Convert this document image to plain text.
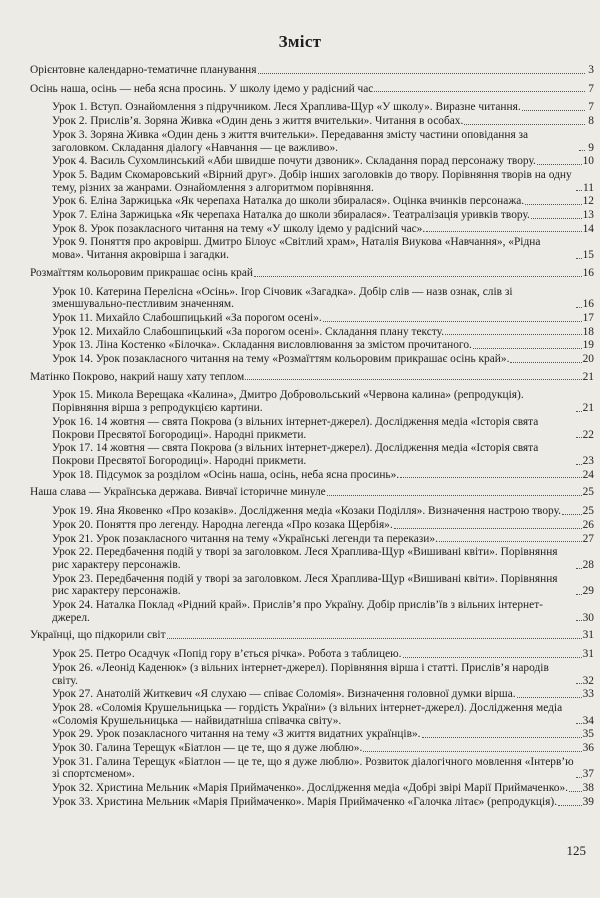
Зміст
Орієнтовне календарно-тематичне планування	3
Осінь наша, осінь — неба ясна просинь. У школу ідемо у радісний час	7
Урок 1. Вступ. Ознайомлення з підручником. Леся Храплива-Щур «У школу». Виразне читання.	7
Урок 2. Прислів’я. Зоряна Живка «Один день з життя вчительки». Читання в особах.	8
Урок 3. Зоряна Живка «Один день з життя вчительки». Передавання змісту частини оповідання за заголовком. Складання діалогу «Навчання — це важливо».	9
Урок 4. Василь Сухомлинський «Аби швидше почути дзвоник». Складання порад персонажу твору.	10
Урок 5. Вадим Скомаровський «Вірний друг». Добір інших заголовків до твору. Порівняння творів на одну тему, різних за жанрами. Ознайомлення з алгоритмом порівняння.	11
Урок 6. Еліна Заржицька «Як черепаха Наталка до школи збиралася». Оцінка вчинків персонажа.	12
Урок 7. Еліна Заржицька «Як черепаха Наталка до школи збиралася». Театралізація уривків твору.	13
Урок 8. Урок позакласного читання на тему «У школу ідемо у радісний час».	14
Урок 9. Поняття про акровірш. Дмитро Білоус «Світлий храм», Наталія Виукова «Навчання», «Рідна мова». Читання акровірша і загадки.	15
Розмаїттям кольоровим прикрашає осінь край	16
Урок 10. Катерина Перелісна «Осінь». Ігор Січовик «Загадка». Добір слів — назв ознак, слів зі зменшувально-пестливим значенням.	16
Урок 11. Михайло Слабошпицький «За порогом осені».	17
Урок 12. Михайло Слабошпицький «За порогом осені». Складання плану тексту.	18
Урок 13. Ліна Костенко «Білочка». Складання висловлювання за змістом прочитаного.	19
Урок 14. Урок позакласного читання на тему «Розмаїттям кольоровим прикрашає осінь край».	20
Матінко Покрово, накрий нашу хату теплом	21
Урок 15. Микола Верещака «Калина», Дмитро Добровольський «Червона калина» (репродукція). Порівняння вірша з репродукцією картини.	21
Урок 16. 14 жовтня — свята Покрова (з вільних інтернет-джерел). Дослідження медіа «Історія свята Покрови Пресвятої Богородиці». Народні прикмети.	22
Урок 17. 14 жовтня — свята Покрова (з вільних інтернет-джерел). Дослідження медіа «Історія свята Покрови Пресвятої Богородиці». Народні прикмети.	23
Урок 18. Підсумок за розділом «Осінь наша, осінь, неба ясна просинь».	24
Наша слава — Українська держава. Вивчаї історичне минуле	25
Урок 19. Яна Яковенко «Про козаків». Дослідження медіа «Козаки Поділля». Визначення настрою твору. 25
Урок 20. Поняття про легенду. Народна легенда «Про козака Щербія».	26
Урок 21. Урок позакласного читання на тему «Українські легенди та перекази».	27
Урок 22. Передбачення подій у творі за заголовком. Леся Храплива-Щур «Вишивані квіти». Порівняння рис характеру персонажів.	28
Урок 23. Передбачення подій у творі за заголовком. Леся Храплива-Щур «Вишивані квіти». Порівняння рис характеру персонажів.	29
Урок 24. Наталка Поклад «Рідний край». Прислів’я про Україну. Добір прислів’їв з вільних інтернет-джерел.	30
Українці, що підкорили світ	31
Урок 25. Петро Осадчук «Попід гору в’ється річка». Робота з таблицею.	31
Урок 26. «Леонід Каденюк» (з вільних інтернет-джерел). Порівняння вірша і статті. Прислів’я народів світу.	32
Урок 27. Анатолій Житкевич «Я слухаю — співає Соломія». Визначення головної думки вірша.	33
Урок 28. «Соломія Крушельницька — гордість України» (з вільних інтернет-джерел). Дослідження медіа «Соломія Крушельницька — найвидатніша співачка світу».	34
Урок 29. Урок позакласного читання на тему «З життя видатних українців».	35
Урок 30. Галина Терещук «Біатлон — це те, що я дуже люблю».	36
Урок 31. Галина Терещук «Біатлон — це те, що я дуже люблю». Розвиток діалогічного мовлення «Інтерв’ю зі спортсменом».	37
Урок 32. Христина Мельник «Марія Приймаченко». Дослідження медіа «Добрі звірі Марії Приймаченко». 38
Урок 33. Христина Мельник «Марія Приймаченко». Марія Приймаченко «Галочка літає» (репродукція). 39
125
